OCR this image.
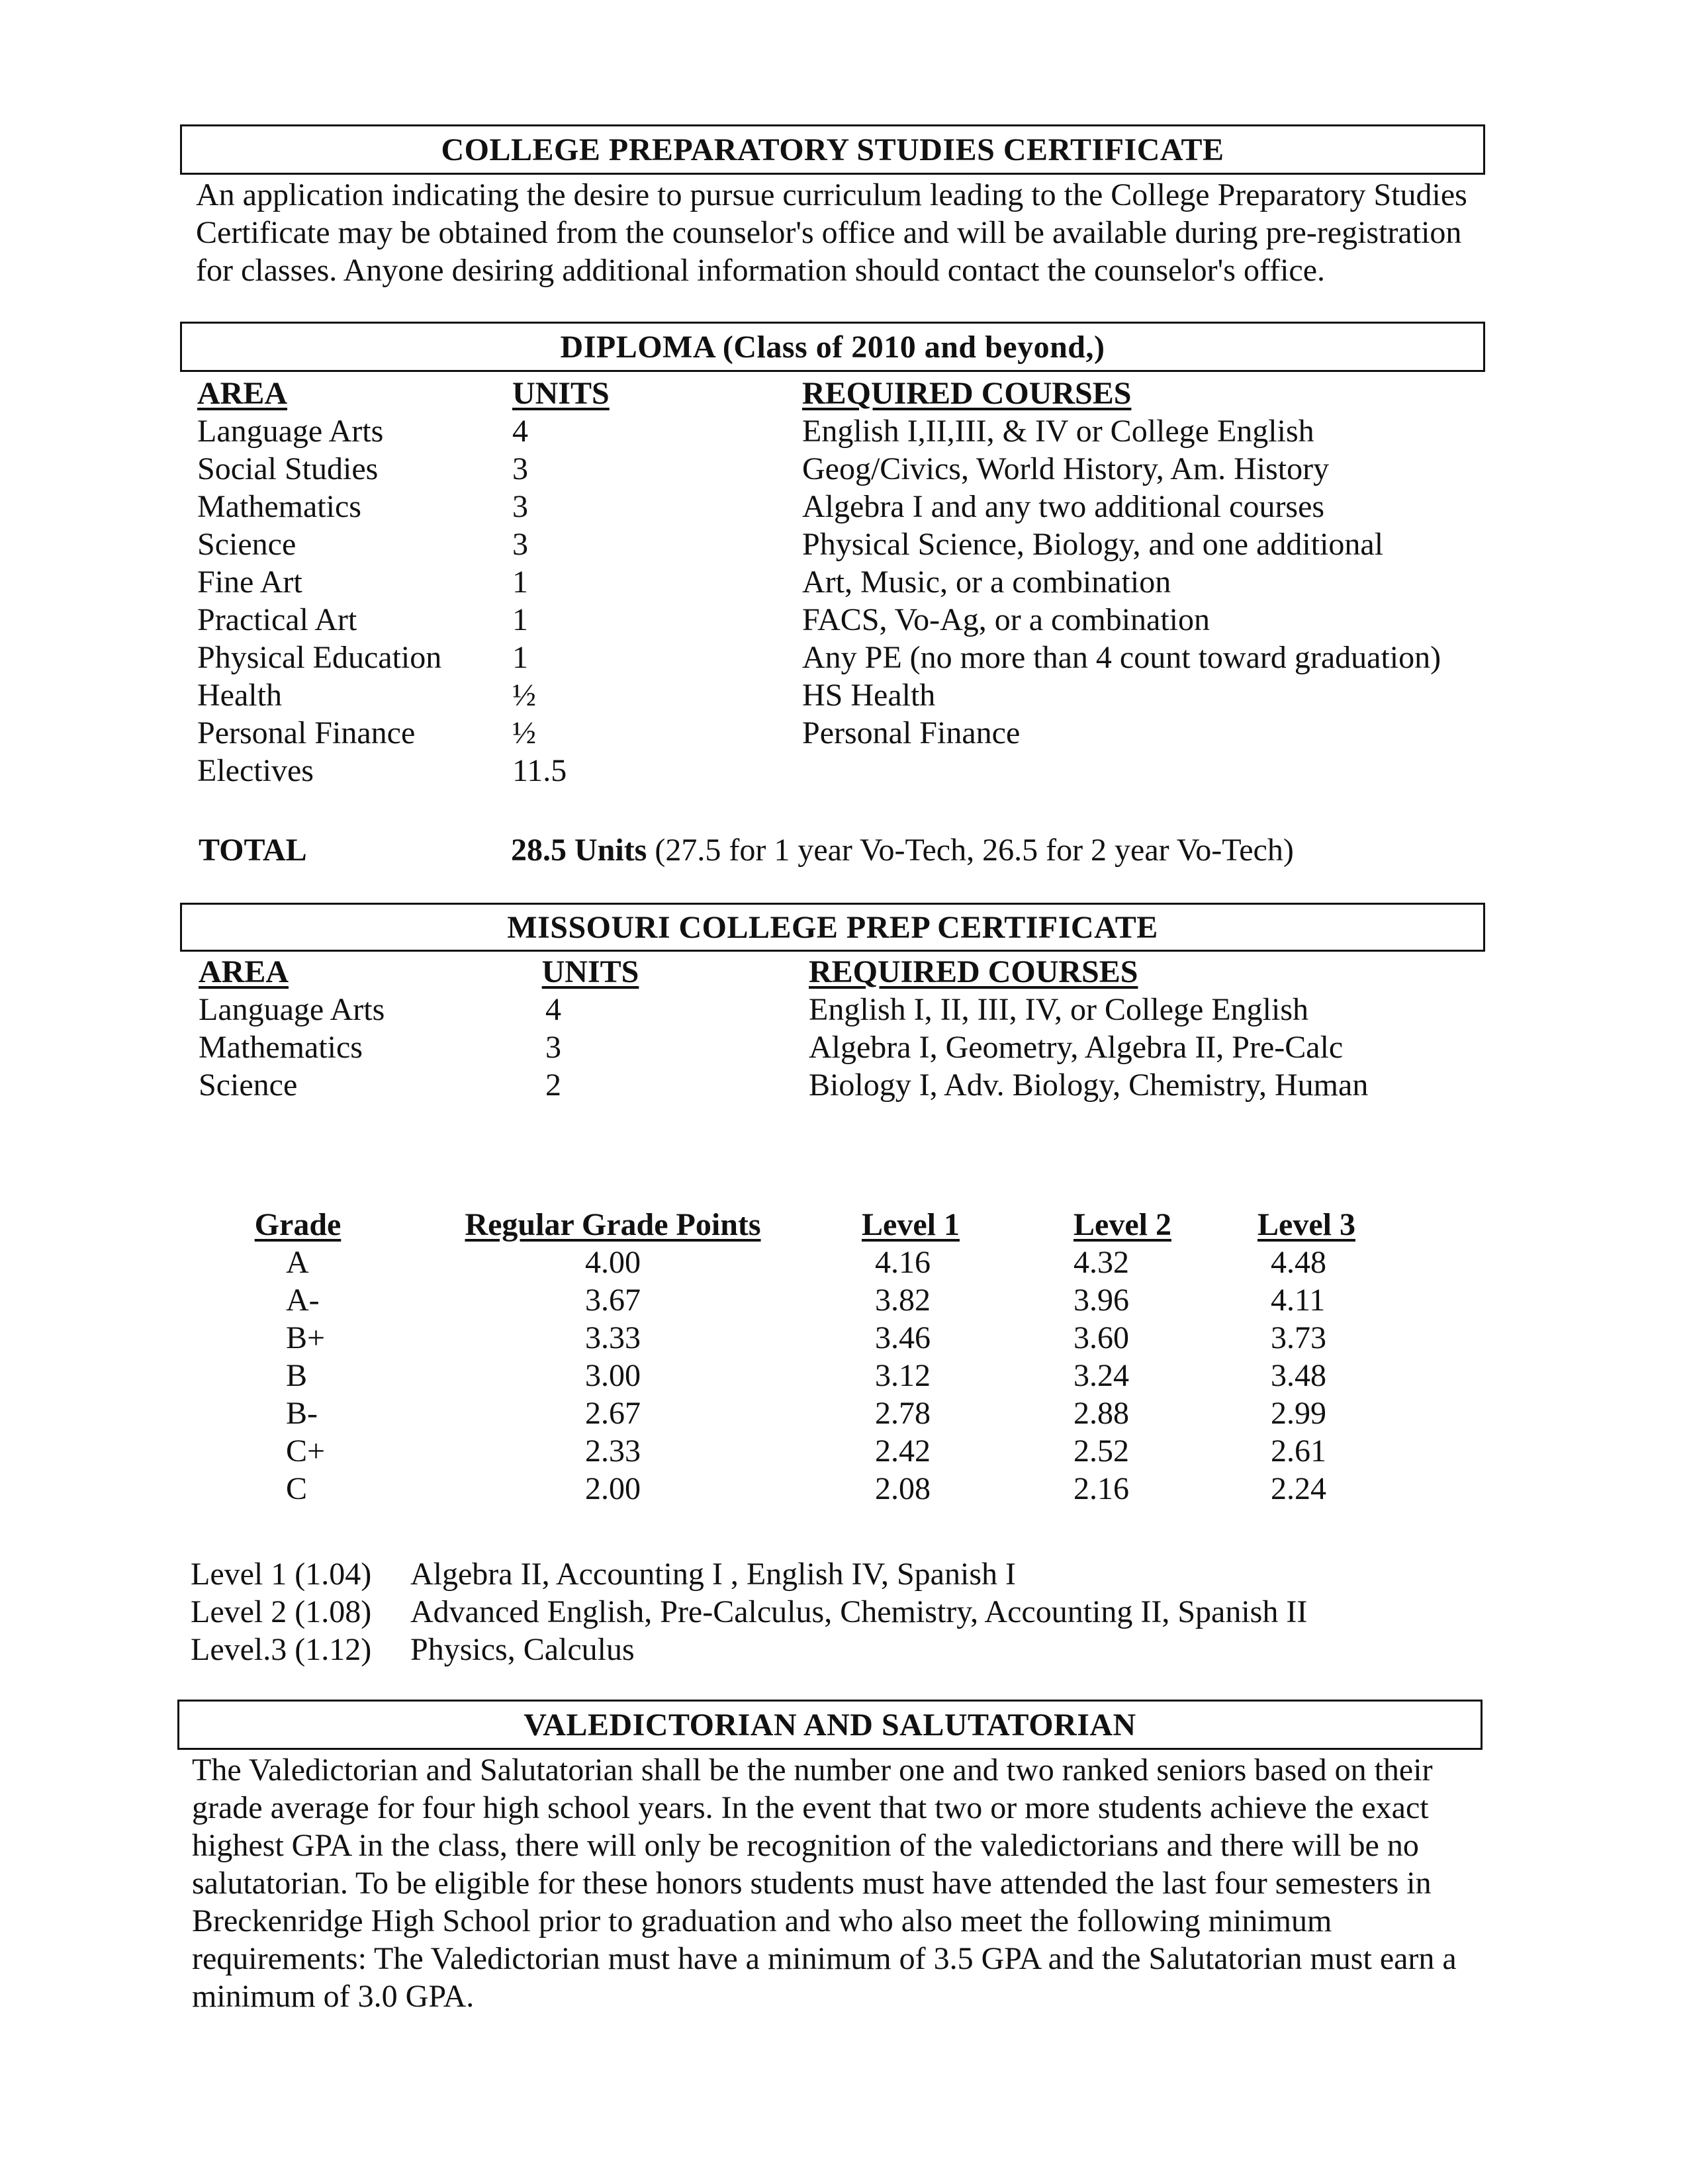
COLLEGE PREPARATORY STUDIES CERTIFICATE
An application indicating the desire to pursue curriculum leading to the College Preparatory Studies Certificate may be obtained from the counselor's office and will be available during pre-registration for classes. Anyone desiring additional information should contact the counselor's office.
DIPLOMA (Class of 2010 and beyond,)
AREA
Language Arts
Social Studies
Mathematics
Science
Fine Art
Practical Art
Physical Education
Health
Personal Finance
Electives
UNITS
4
3
3
3
1
1
1
½
½
11.5
REQUIRED COURSES
English I,II,III, & IV or College English
Geog/Civics, World History, Am. History
Algebra I and any two additional courses
Physical Science, Biology, and one additional
Art, Music, or a combination
FACS, Vo-Ag, or a combination
Any PE (no more than 4 count toward graduation)
HS Health
Personal Finance
TOTAL	28.5 Units (27.5 for 1 year Vo-Tech, 26.5 for 2 year Vo-Tech)
MISSOURI COLLEGE PREP CERTIFICATE
AREA
Language Arts
Mathematics
Science
UNITS
4
3
2
REQUIRED COURSES
English I, II, III, IV, or College English
Algebra I, Geometry, Algebra II, Pre-Calc
Biology I, Adv. Biology, Chemistry, Human
Grade
A
A-
B+
B
B-
C+
C
Regular Grade Points
4.00
3.67
3.33
3.00
2.67
2.33
2.00
Level 1
4.16
3.82
3.46
3.12
2.78
2.42
2.08
Level 2
4.32
3.96
3.60
3.24
2.88
2.52
2.16
Level 3
4.48
4.11
3.73
3.48
2.99
2.61
2.24
Level 1 (1.04)
Level 2 (1.08)
Level.3 (1.12)
Algebra II, Accounting I , English IV, Spanish I
Advanced English, Pre-Calculus, Chemistry, Accounting II, Spanish II
Physics, Calculus
VALEDICTORIAN AND SALUTATORIAN
The Valedictorian and Salutatorian shall be the number one and two ranked seniors based on their grade average for four high school years. In the event that two or more students achieve the exact highest GPA in the class, there will only be recognition of the valedictorians and there will be no salutatorian. To be eligible for these honors students must have attended the last four semesters in Breckenridge High School prior to graduation and who also meet the following minimum requirements: The Valedictorian must have a minimum of 3.5 GPA and the Salutatorian must earn a minimum of 3.0 GPA.
